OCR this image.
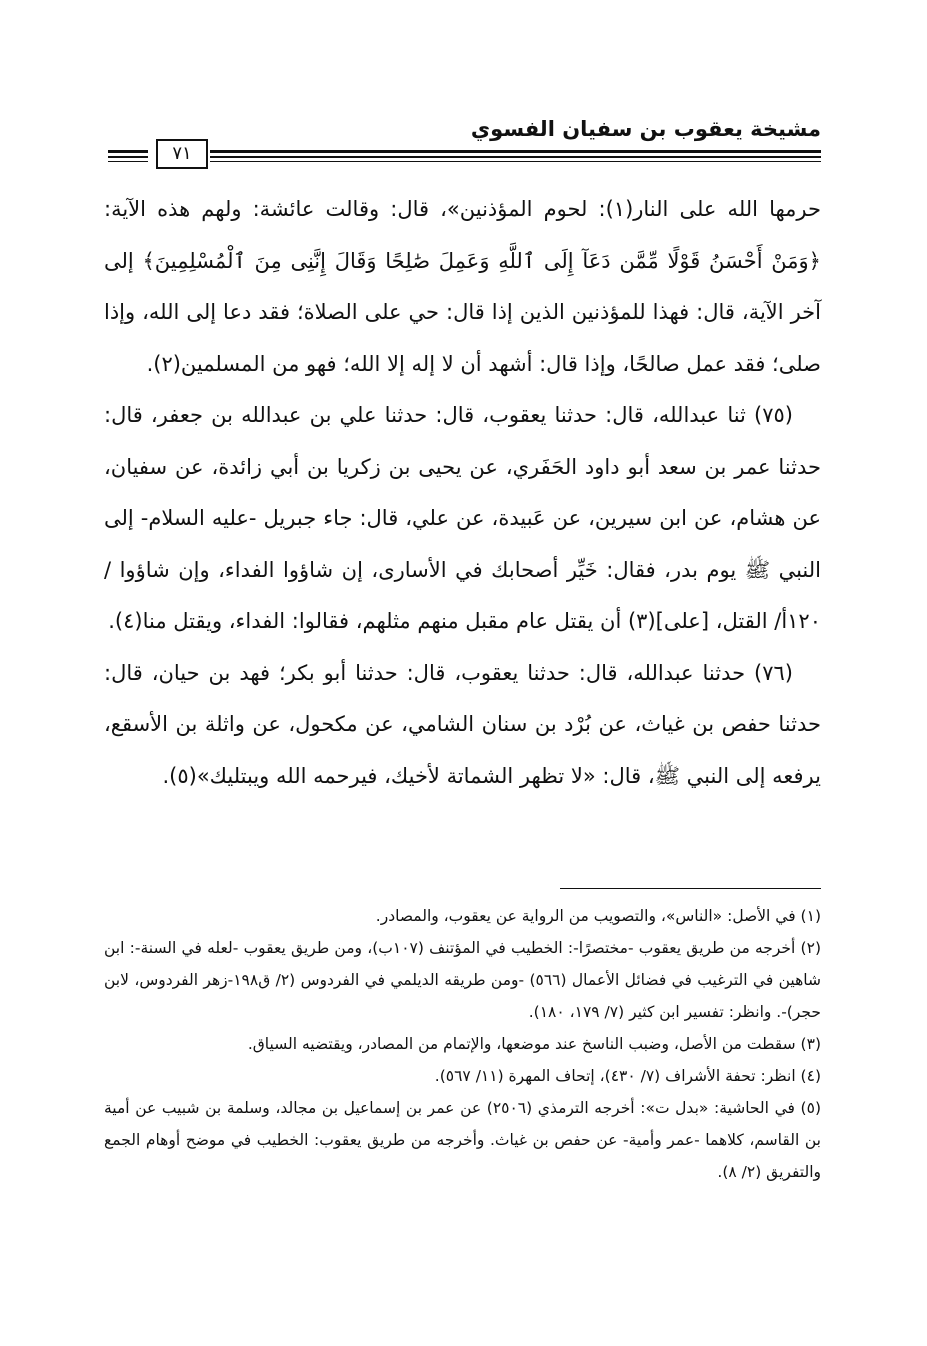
مشيخة يعقوب بن سفيان الفسوي
٧١

حرمها الله على النار(١): لحوم المؤذنين»، قال: وقالت عائشة: ولهم هذه الآية: ﴿وَمَنْ أَحْسَنُ قَوْلًا مِّمَّن دَعَآ إِلَى ٱللَّهِ وَعَمِلَ صَٰلِحًا وَقَالَ إِنَّنِى مِنَ ٱلْمُسْلِمِينَ﴾ إلى آخر الآية، قال: فهذا للمؤذنين الذين إذا قال: حي على الصلاة؛ فقد دعا إلى الله، وإذا صلى؛ فقد عمل صالحًا، وإذا قال: أشهد أن لا إله إلا الله؛ فهو من المسلمين(٢).

(٧٥) ثنا عبدالله، قال: حدثنا يعقوب، قال: حدثنا علي بن عبدالله بن جعفر، قال: حدثنا عمر بن سعد أبو داود الحَفَري، عن يحيى بن زكريا بن أبي زائدة، عن سفيان، عن هشام، عن ابن سيرين، عن عَبيدة، عن علي، قال: جاء جبريل -عليه السلام- إلى النبي ﷺ يوم بدر، فقال: خَيِّر أصحابك في الأسارى، إن شاؤوا الفداء، وإن شاؤوا / ١٢٠أ/ القتل، [على](٣) أن يقتل عام مقبل منهم مثلهم، فقالوا: الفداء، ويقتل منا(٤).

(٧٦) حدثنا عبدالله، قال: حدثنا يعقوب، قال: حدثنا أبو بكر؛ فهد بن حيان، قال: حدثنا حفص بن غياث، عن بُرْد بن سنان الشامي، عن مكحول، عن واثلة بن الأسقع، يرفعه إلى النبي ﷺ، قال: «لا تظهر الشماتة لأخيك، فيرحمه الله ويبتليك»(٥).

(١) في الأصل: «الناس»، والتصويب من الرواية عن يعقوب، والمصادر.

(٢) أخرجه من طريق يعقوب -مختصرًا-: الخطيب في المؤتنف (١٠٧ب)، ومن طريق يعقوب -لعله في السنة-: ابن شاهين في الترغيب في فضائل الأعمال (٥٦٦) -ومن طريقه الديلمي في الفردوس (٢/ ق١٩٨-زهر الفردوس، لابن حجر)-. وانظر: تفسير ابن كثير (٧/ ١٧٩، ١٨٠).

(٣) سقطت من الأصل، وضبب الناسخ عند موضعها، والإتمام من المصادر، ويقتضيه السياق.

(٤) انظر: تحفة الأشراف (٧/ ٤٣٠)، إتحاف المهرة (١١/ ٥٦٧).

(٥) في الحاشية: «بدل ت»: أخرجه الترمذي (٢٥٠٦) عن عمر بن إسماعيل بن مجالد، وسلمة بن شبيب عن أمية بن القاسم، كلاهما -عمر وأمية- عن حفص بن غياث. وأخرجه من طريق يعقوب: الخطيب في موضح أوهام الجمع والتفريق (٢/ ٨).
